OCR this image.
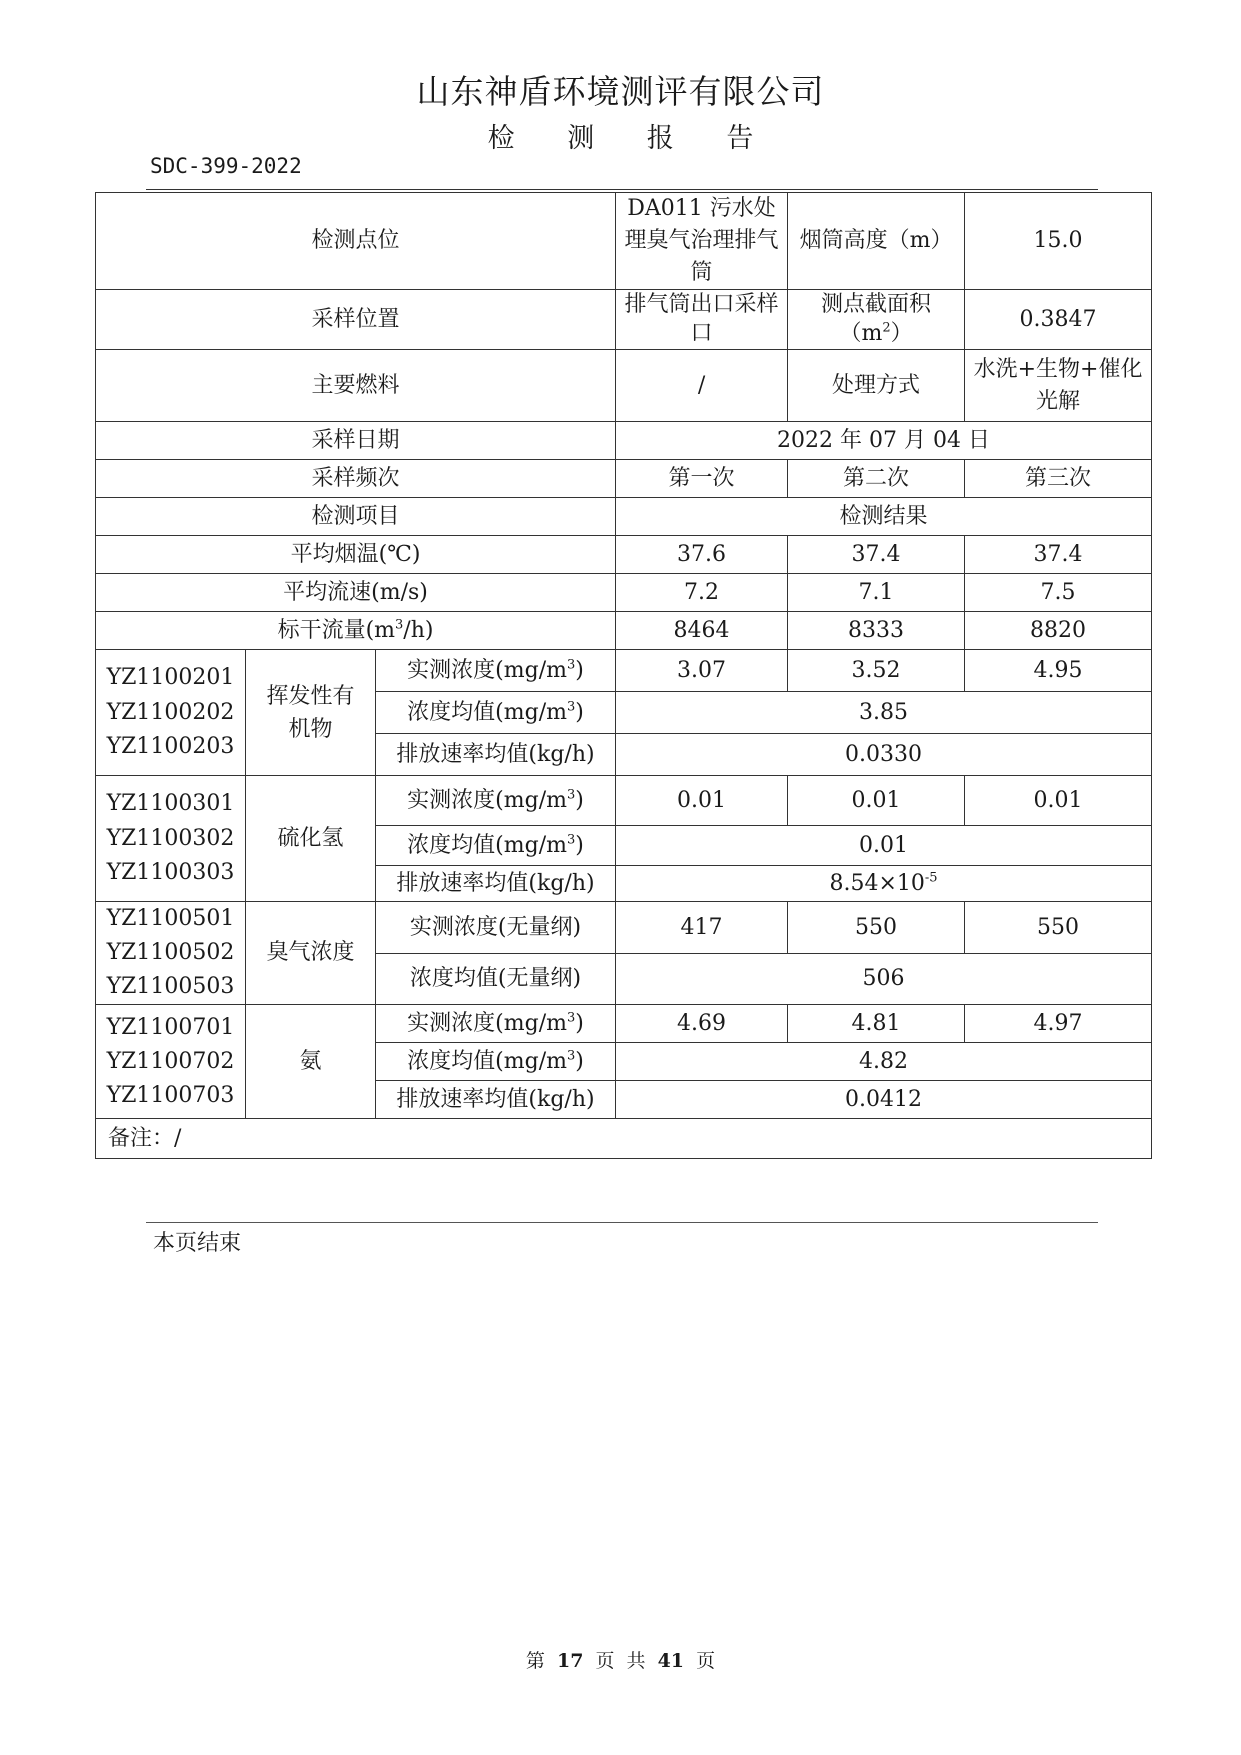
山东神盾环境测评有限公司
检 测 报 告
SDC-399-2022
检测点位			DA011 污水处理臭气治理排气筒	烟筒高度（m）	15.0
采样位置			排气筒出口采样口	测点截面积$(m^2)$	0.3847
主要燃料			/	处理方式	水洗+生物+催化光解
采样日期			2022 年 07 月 04 日		
采样频次			第一次	第二次	第三次
检测项目			检测结果		
平均烟温(℃)			37.6	37.4	37.4
平均流速(m/s)			7.2	7.1	7.5
标干流量$(m^3/h)$			8464	8333	8820

YZ1100201
YZ1100202
YZ1100203	挥发性有机物	实测浓度$(mg/m^3)$	3.07	3.52	4.95
		浓度均值$(mg/m^3)$	3.85		
		排放速率均值(kg/h)	0.0330		

YZ1100301
YZ1100302
YZ1100303	硫化氢	实测浓度$(mg/m^3)$	0.01	0.01	0.01
		浓度均值$(mg/m^3)$	0.01		
		排放速率均值(kg/h)	$8.54\times 10^{-5}$

YZ1100501
YZ1100502
YZ1100503	臭气浓度	实测浓度(无量纲)	417	550	550
		浓度均值(无量纲)	506		

YZ1100701
YZ1100702
YZ1100703	氨	实测浓度$(mg/m^3)$	4.69	4.81	4.97
		浓度均值$(mg/m^3)$	4.82		
		排放速率均值(kg/h)	0.0412		
备注：/					
本页结束
第 17 页 共 41 页
